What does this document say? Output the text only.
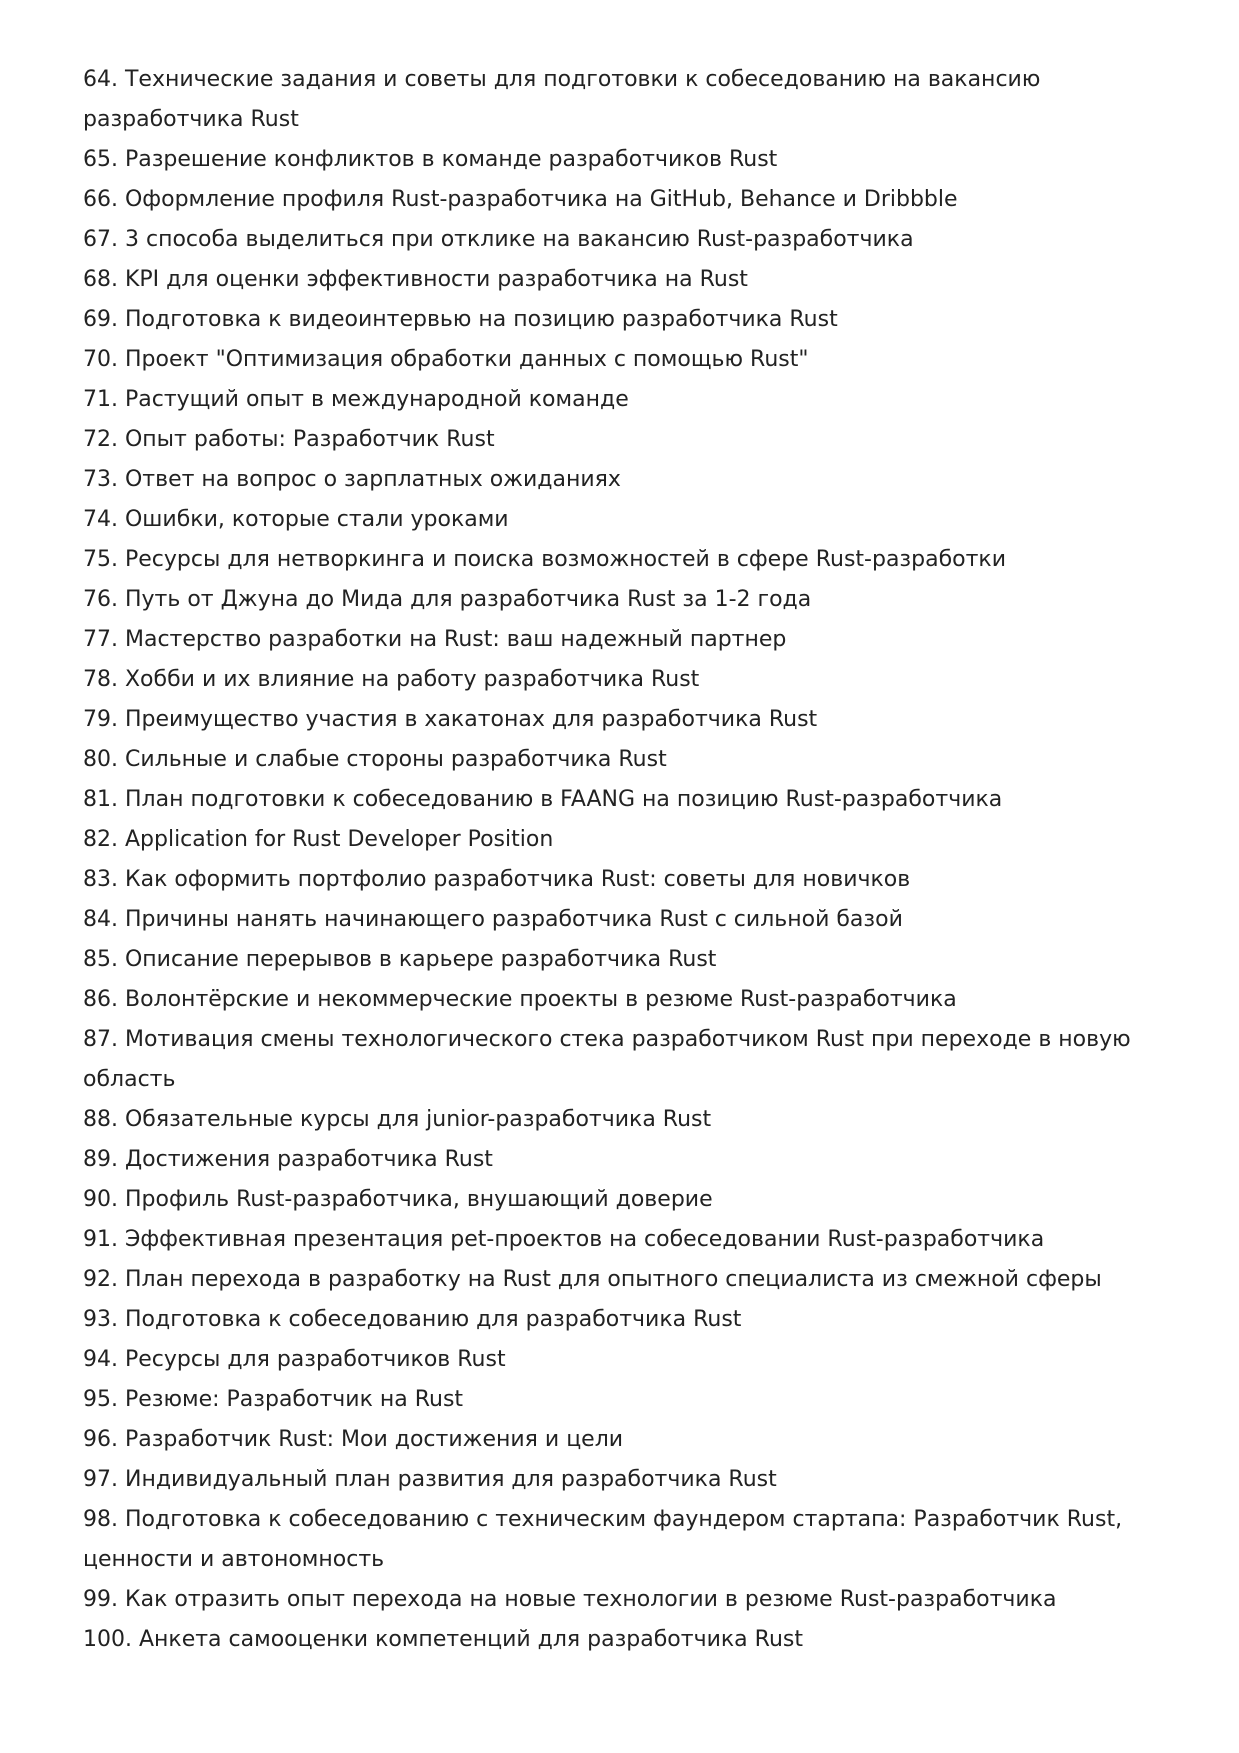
64. Технические задания и советы для подготовки к собеседованию на вакансию разработчика Rust
65. Разрешение конфликтов в команде разработчиков Rust
66. Оформление профиля Rust-разработчика на GitHub, Behance и Dribbble
67. 3 способа выделиться при отклике на вакансию Rust-разработчика
68. KPI для оценки эффективности разработчика на Rust
69. Подготовка к видеоинтервью на позицию разработчика Rust
70. Проект "Оптимизация обработки данных с помощью Rust"
71. Растущий опыт в международной команде
72. Опыт работы: Разработчик Rust
73. Ответ на вопрос о зарплатных ожиданиях
74. Ошибки, которые стали уроками
75. Ресурсы для нетворкинга и поиска возможностей в сфере Rust-разработки
76. Путь от Джуна до Мида для разработчика Rust за 1-2 года
77. Мастерство разработки на Rust: ваш надежный партнер
78. Хобби и их влияние на работу разработчика Rust
79. Преимущество участия в хакатонах для разработчика Rust
80. Сильные и слабые стороны разработчика Rust
81. План подготовки к собеседованию в FAANG на позицию Rust-разработчика
82. Application for Rust Developer Position
83. Как оформить портфолио разработчика Rust: советы для новичков
84. Причины нанять начинающего разработчика Rust с сильной базой
85. Описание перерывов в карьере разработчика Rust
86. Волонтёрские и некоммерческие проекты в резюме Rust-разработчика
87. Мотивация смены технологического стека разработчиком Rust при переходе в новую область
88. Обязательные курсы для junior-разработчика Rust
89. Достижения разработчика Rust
90. Профиль Rust-разработчика, внушающий доверие
91. Эффективная презентация pet-проектов на собеседовании Rust-разработчика
92. План перехода в разработку на Rust для опытного специалиста из смежной сферы
93. Подготовка к собеседованию для разработчика Rust
94. Ресурсы для разработчиков Rust
95. Резюме: Разработчик на Rust
96. Разработчик Rust: Мои достижения и цели
97. Индивидуальный план развития для разработчика Rust
98. Подготовка к собеседованию с техническим фаундером стартапа: Разработчик Rust, ценности и автономность
99. Как отразить опыт перехода на новые технологии в резюме Rust-разработчика
100. Анкета самооценки компетенций для разработчика Rust
